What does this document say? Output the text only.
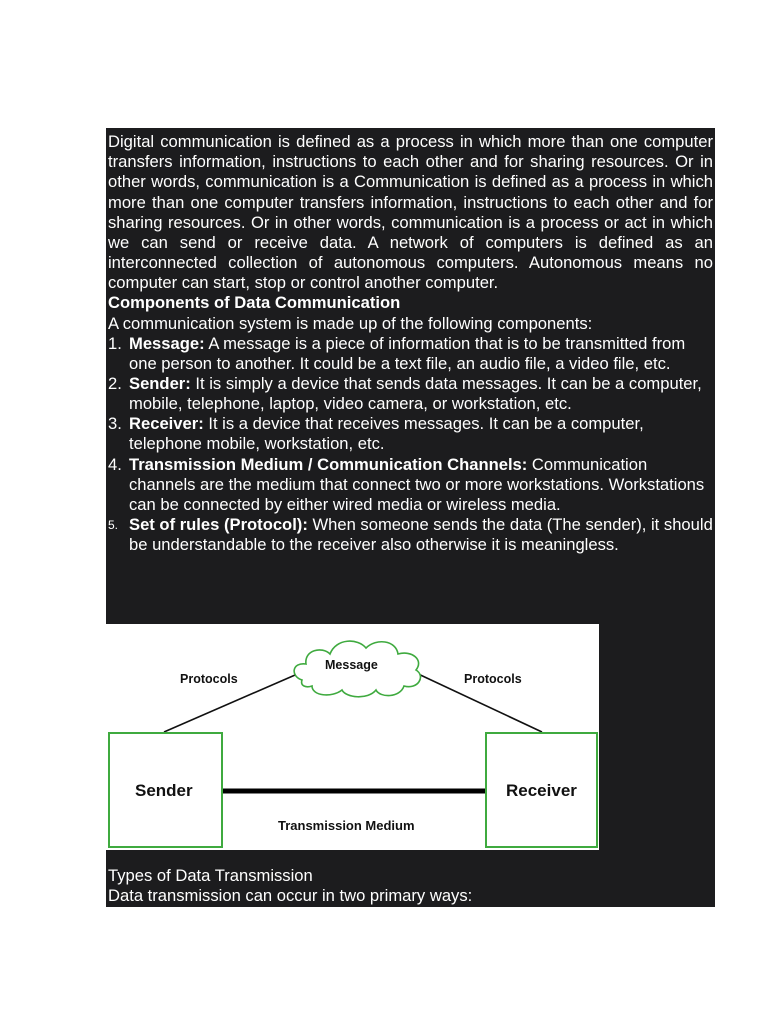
Digital communication is defined as a process in which more than one computer transfers information, instructions to each other and for sharing resources. Or in other words, communication is a Communication is defined as a process in which more than one computer transfers information, instructions to each other and for sharing resources. Or in other words, communication is a process or act in which we can send or receive data. A network of computers is defined as an interconnected collection of autonomous computers. Autonomous means no computer can start, stop or control another computer.

Components of Data Communication
A communication system is made up of the following components:
1. Message: A message is a piece of information that is to be transmitted from one person to another. It could be a text file, an audio file, a video file, etc.
2. Sender: It is simply a device that sends data messages. It can be a computer, mobile, telephone, laptop, video camera, or workstation, etc.
3. Receiver: It is a device that receives messages. It can be a computer, telephone mobile, workstation, etc.
4. Transmission Medium / Communication Channels: Communication channels are the medium that connect two or more workstations. Workstations can be connected by either wired media or wireless media.
5. Set of rules (Protocol): When someone sends the data (The sender), it should be understandable to the receiver also otherwise it is meaningless.
Message
Protocols	Protocols
Sender	Receiver
Transmission Medium
Types of Data Transmission
Data transmission can occur in two primary ways:
